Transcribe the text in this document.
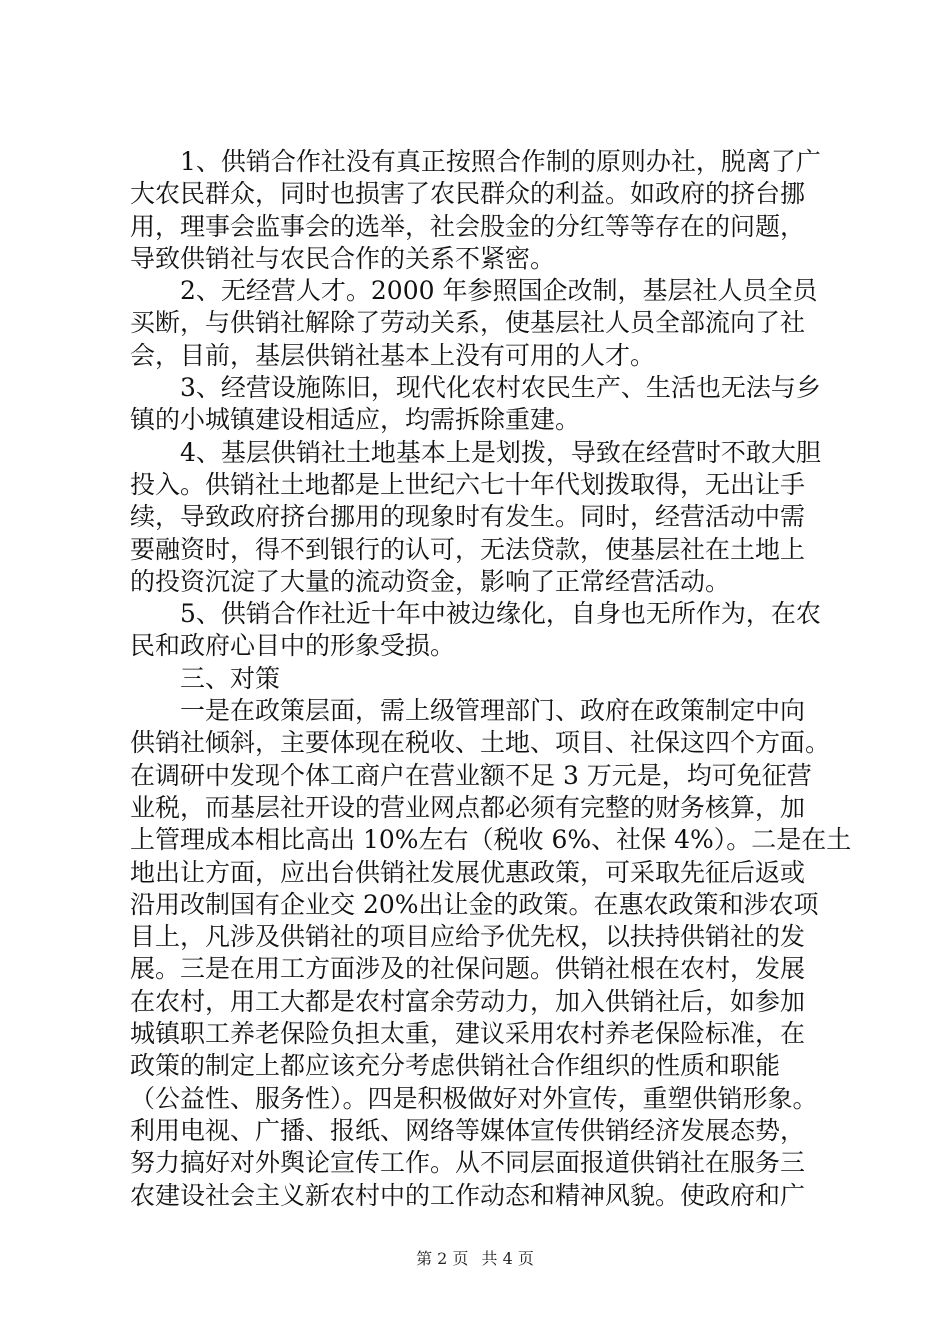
　　1、供销合作社没有真正按照合作制的原则办社，脱离了广
大农民群众，同时也损害了农民群众的利益。如政府的挤台挪
用，理事会监事会的选举，社会股金的分红等等存在的问题，
导致供销社与农民合作的关系不紧密。

　　2、无经营人才。2000 年参照国企改制，基层社人员全员
买断，与供销社解除了劳动关系，使基层社人员全部流向了社
会，目前，基层供销社基本上没有可用的人才。

　　3、经营设施陈旧，现代化农村农民生产、生活也无法与乡
镇的小城镇建设相适应，均需拆除重建。

　　4、基层供销社土地基本上是划拨，导致在经营时不敢大胆
投入。供销社土地都是上世纪六七十年代划拨取得，无出让手
续，导致政府挤台挪用的现象时有发生。同时，经营活动中需
要融资时，得不到银行的认可，无法贷款，使基层社在土地上
的投资沉淀了大量的流动资金，影响了正常经营活动。

　　5、供销合作社近十年中被边缘化，自身也无所作为，在农
民和政府心目中的形象受损。

　　三、对策

　　一是在政策层面，需上级管理部门、政府在政策制定中向
供销社倾斜，主要体现在税收、土地、项目、社保这四个方面。
在调研中发现个体工商户在营业额不足 3 万元是，均可免征营
业税，而基层社开设的营业网点都必须有完整的财务核算，加
上管理成本相比高出 10%左右（税收 6%、社保 4%）。二是在土
地出让方面，应出台供销社发展优惠政策，可采取先征后返或
沿用改制国有企业交 20%出让金的政策。在惠农政策和涉农项
目上，凡涉及供销社的项目应给予优先权，以扶持供销社的发
展。三是在用工方面涉及的社保问题。供销社根在农村，发展
在农村，用工大都是农村富余劳动力，加入供销社后，如参加
城镇职工养老保险负担太重，建议采用农村养老保险标准，在
政策的制定上都应该充分考虑供销社合作组织的性质和职能
（公益性、服务性）。四是积极做好对外宣传，重塑供销形象。
利用电视、广播、报纸、网络等媒体宣传供销经济发展态势，
努力搞好对外舆论宣传工作。从不同层面报道供销社在服务三
农建设社会主义新农村中的工作动态和精神风貌。使政府和广

第 2 页 共 4 页
